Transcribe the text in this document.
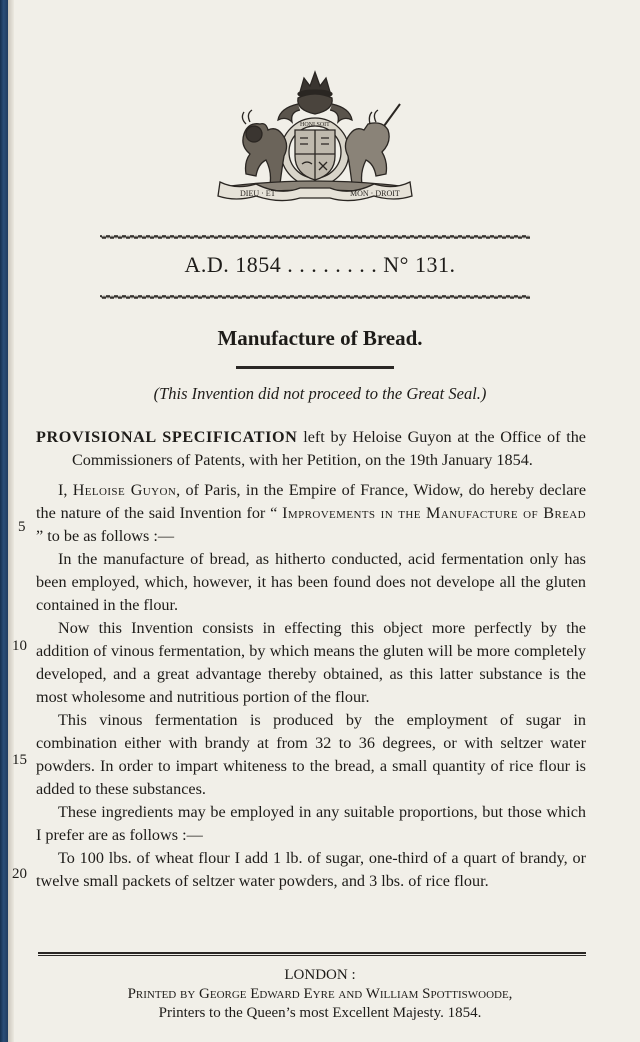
DIEU · ET	MON · DROIT
HONI SOIT
A.D. 1854 . . . . . . . . N° 131.
Manufacture of Bread.
(This Invention did not proceed to the Great Seal.)

PROVISIONAL SPECIFICATION left by Heloise Guyon at the Office of the Commissioners of Patents, with her Petition, on the 19th January 1854.

I, Heloise Guyon, of Paris, in the Empire of France, Widow, do hereby declare the nature of the said Invention for “ Improvements in the Manufacture of Bread ” to be as follows :—

In the manufacture of bread, as hitherto conducted, acid fermentation only has been employed, which, however, it has been found does not develope all the gluten contained in the flour.

Now this Invention consists in effecting this object more perfectly by the addition of vinous fermentation, by which means the gluten will be more completely developed, and a great advantage thereby obtained, as this latter substance is the most wholesome and nutritious portion of the flour.

This vinous fermentation is produced by the employment of sugar in combination either with brandy at from 32 to 36 degrees, or with seltzer water powders. In order to impart whiteness to the bread, a small quantity of rice flour is added to these substances.

These ingredients may be employed in any suitable proportions, but those which I prefer are as follows :—

To 100 lbs. of wheat flour I add 1 lb. of sugar, one-third of a quart of brandy, or twelve small packets of seltzer water powders, and 3 lbs. of rice flour.

5
10
15
20
LONDON :
Printed by George Edward Eyre and William Spottiswoode,
Printers to the Queen’s most Excellent Majesty. 1854.
